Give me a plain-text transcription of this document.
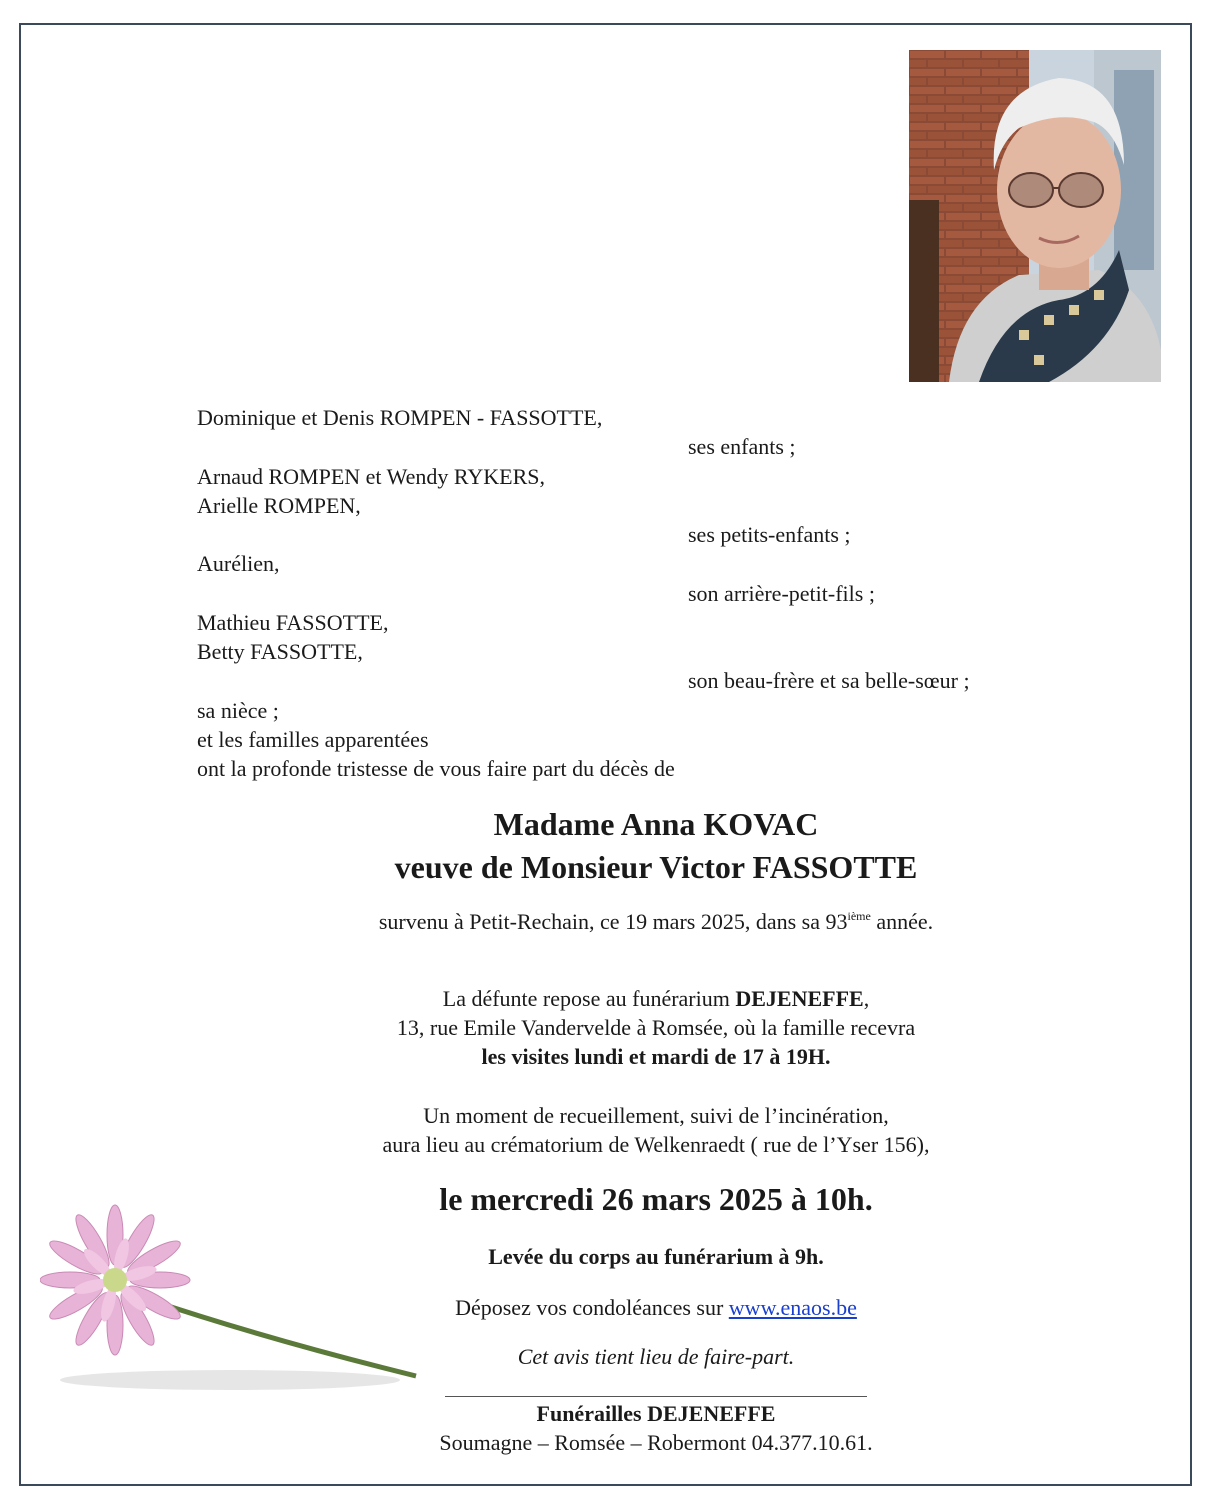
Dominique et Denis ROMPEN - FASSOTTE,
ses enfants ;
Arnaud ROMPEN et Wendy RYKERS,
Arielle ROMPEN,
ses petits-enfants ;
Aurélien,
son arrière-petit-fils ;
Mathieu FASSOTTE,
Betty FASSOTTE,
son beau-frère et sa belle-sœur ;
sa nièce ;
et les familles apparentées
ont la profonde tristesse de vous faire part du décès de
Madame Anna KOVAC
veuve de Monsieur Victor FASSOTTE
survenu à Petit-Rechain, ce 19 mars 2025, dans sa 93ième année.
La défunte repose au funérarium DEJENEFFE,
13, rue Emile Vandervelde à Romsée, où la famille recevra
les visites lundi et mardi de 17 à 19H.
Un moment de recueillement, suivi de l’incinération,
aura lieu au crématorium de Welkenraedt ( rue de l’Yser 156),
le mercredi 26 mars 2025 à 10h.
Levée du corps au funérarium à 9h.
Déposez vos condoléances sur www.enaos.be
Cet avis tient lieu de faire-part.
Funérailles DEJENEFFE
Soumagne – Romsée – Robermont 04.377.10.61.
